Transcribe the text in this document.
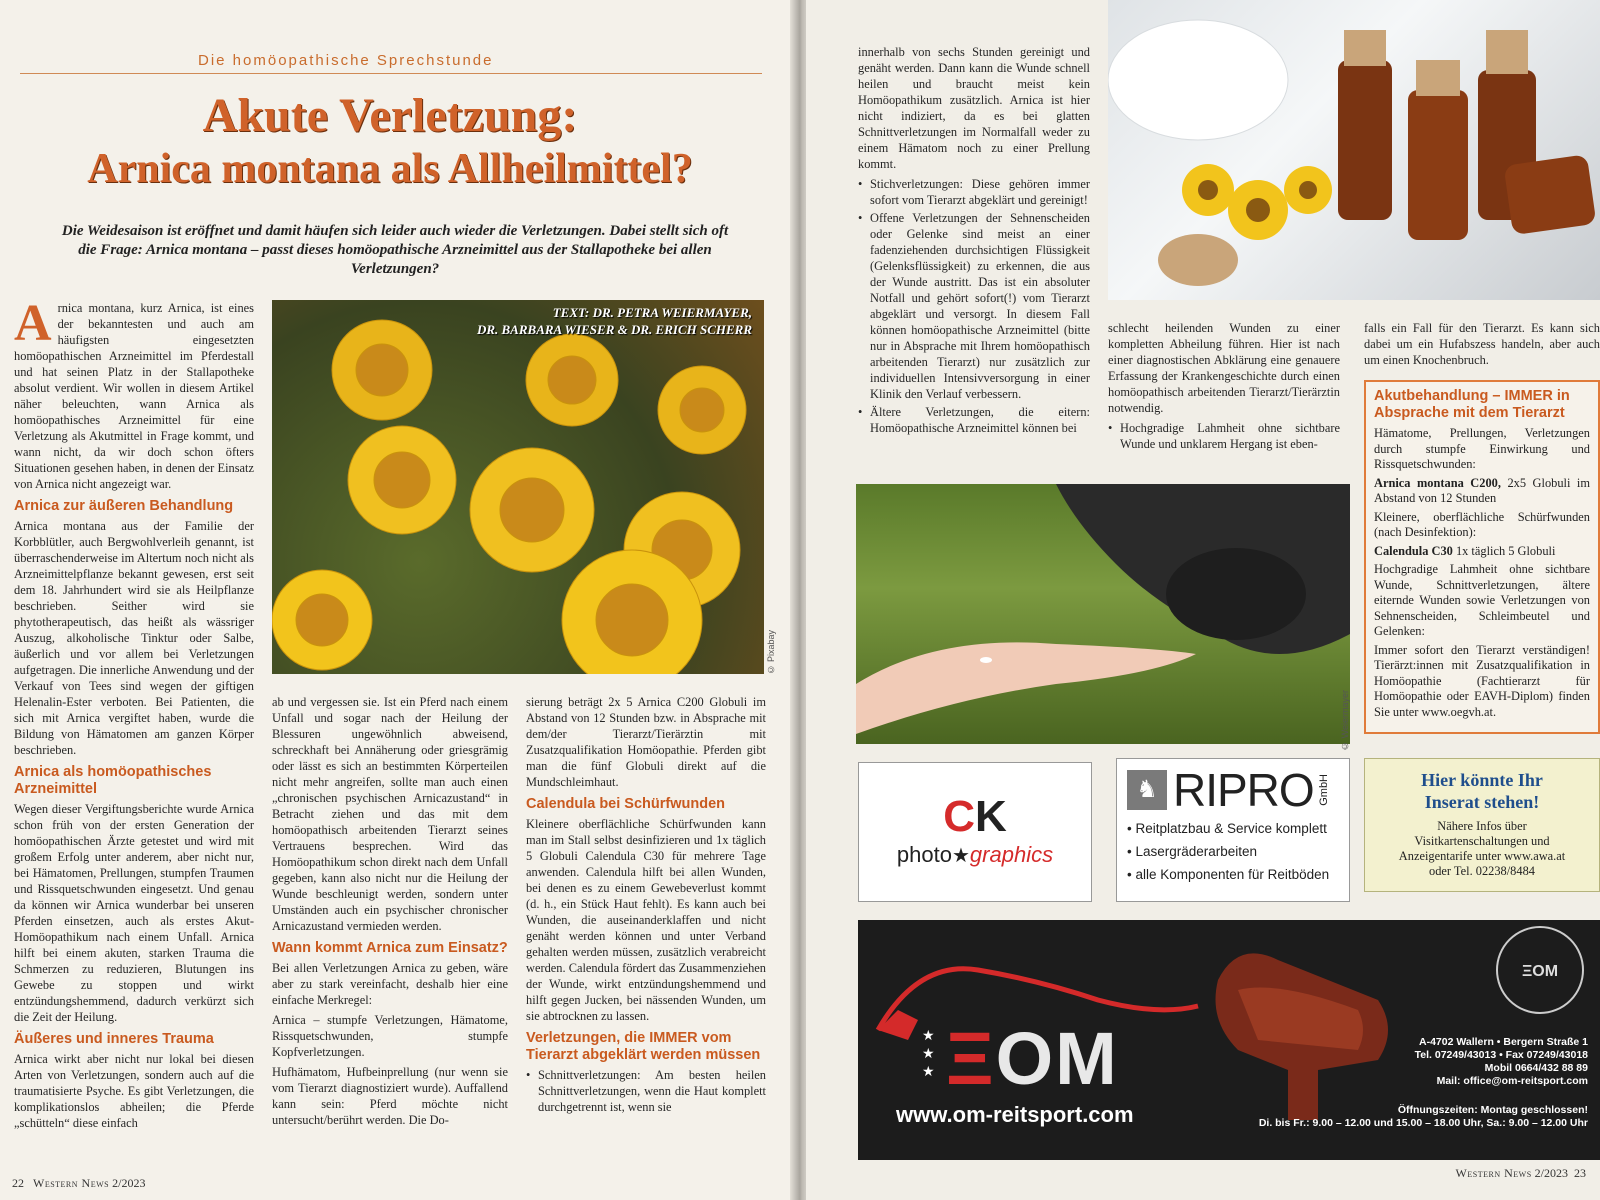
Die homöopathische Sprechstunde
Akute Verletzung:
Arnica montana als Allheilmittel?

Die Weidesaison ist eröffnet und damit häufen sich leider auch wieder die Verletzungen. Dabei stellt sich oft die Frage: Arnica montana – passt dieses homöopathische Arzneimittel aus der Stallapotheke bei allen Verletzungen?

Arnica montana, kurz Arnica, ist eines der bekanntesten und auch am häufigsten eingesetzten homöopathischen Arzneimittel im Pferdestall und hat seinen Platz in der Stallapotheke absolut verdient. Wir wollen in diesem Artikel näher beleuchten, wann Arnica als homöopathisches Arzneimittel für eine Verletzung als Akutmittel in Frage kommt, und wann nicht, da wir doch schon öfters Situationen gesehen haben, in denen der Einsatz von Arnica nicht angezeigt war.

Arnica zur äußeren Behandlung

Arnica montana aus der Familie der Korbblütler, auch Bergwohlverleih genannt, ist überraschenderweise im Altertum noch nicht als Arzneimittelpflanze bekannt gewesen, erst seit dem 18. Jahrhundert wird sie als Heilpflanze beschrieben. Seither wird sie phytotherapeutisch, das heißt als wässriger Auszug, alkoholische Tinktur oder Salbe, äußerlich und vor allem bei Verletzungen aufgetragen. Die innerliche Anwendung und der Verkauf von Tees sind wegen der giftigen Helenalin-Ester verboten. Bei Patienten, die sich mit Arnica vergiftet haben, wurde die Bildung von Hämatomen am ganzen Körper beschrieben.

Arnica als homöopathisches Arzneimittel

Wegen dieser Vergiftungsberichte wurde Arnica schon früh von der ersten Generation der homöopathischen Ärzte getestet und wird mit großem Erfolg unter anderem, aber nicht nur, bei Hämatomen, Prellungen, stumpfen Traumen und Rissquetschwunden eingesetzt. Und genau da können wir Arnica wunderbar bei unseren Pferden einsetzen, auch als erstes Akut-Homöopathikum nach einem Unfall. Arnica hilft bei einem akuten, starken Trauma die Schmerzen zu reduzieren, Blutungen ins Gewebe zu stoppen und wirkt entzündungshemmend, dadurch verkürzt sich die Zeit der Heilung.

Äußeres und inneres Trauma

Arnica wirkt aber nicht nur lokal bei diesen Arten von Verletzungen, sondern auch auf die traumatisierte Psyche. Es gibt Verletzungen, die komplikationslos abheilen; die Pferde „schütteln“ diese einfach

TEXT: DR. PETRA WEIERMAYER,
DR. BARBARA WIESER & DR. ERICH SCHERR
© Pixabay

ab und vergessen sie. Ist ein Pferd nach einem Unfall und sogar nach der Heilung der Blessuren ungewöhnlich abweisend, schreckhaft bei Annäherung oder griesgrämig oder lässt es sich an bestimmten Körperteilen nicht mehr angreifen, sollte man auch einen „chronischen psychischen Arnicazustand“ in Betracht ziehen und das mit dem homöopathisch arbeitenden Tierarzt seines Vertrauens besprechen. Wird das Homöopathikum schon direkt nach dem Unfall gegeben, kann also nicht nur die Heilung der Wunde beschleunigt werden, sondern unter Umständen auch ein psychischer chronischer Arnicazustand vermieden werden.

Wann kommt Arnica zum Einsatz?

Bei allen Verletzungen Arnica zu geben, wäre aber zu stark vereinfacht, deshalb hier eine einfache Merkregel:

Arnica – stumpfe Verletzungen, Hämatome, Rissquetschwunden, stumpfe Kopfverletzungen.

Hufhämatom, Hufbeinprellung (nur wenn sie vom Tierarzt diagnostiziert wurde). Auffallend kann sein: Pferd möchte nicht untersucht/berührt werden. Die Do-

sierung beträgt 2x 5 Arnica C200 Globuli im Abstand von 12 Stunden bzw. in Absprache mit dem/der Tierarzt/Tierärztin mit Zusatzqualifikation Homöopathie. Pferden gibt man die fünf Globuli direkt auf die Mundschleimhaut.

Calendula bei Schürfwunden

Kleinere oberflächliche Schürfwunden kann man im Stall selbst desinfizieren und 1x täglich 5 Globuli Calendula C30 für mehrere Tage anwenden. Calendula hilft bei allen Wunden, bei denen es zu einem Gewebeverlust kommt (d. h., ein Stück Haut fehlt). Es kann auch bei Wunden, die auseinanderklaffen und nicht genäht werden können und unter Verband gehalten werden müssen, zusätzlich verabreicht werden. Calendula fördert das Zusammenziehen der Wunde, wirkt entzündungshemmend und hilft gegen Jucken, bei nässenden Wunden, um sie abtrocknen zu lassen.

Verletzungen, die IMMER vom Tierarzt abgeklärt werden müssen
• Schnittverletzungen: Am besten heilen Schnittverletzungen, wenn die Haut komplett durchgetrennt ist, wenn sie
22 Western News 2/2023

innerhalb von sechs Stunden gereinigt und genäht werden. Dann kann die Wunde schnell heilen und braucht meist kein Homöopathikum zusätzlich. Arnica ist hier nicht indiziert, da es bei glatten Schnittverletzungen im Normalfall weder zu einem Hämatom noch zu einer Prellung kommt.

• Stichverletzungen: Diese gehören immer sofort vom Tierarzt abgeklärt und gereinigt!
• Offene Verletzungen der Sehnenscheiden oder Gelenke sind meist an einer fadenziehenden durchsichtigen Flüssigkeit (Gelenksflüssigkeit) zu erkennen, die aus der Wunde austritt. Das ist ein absoluter Notfall und gehört sofort(!) vom Tierarzt abgeklärt und versorgt. In diesem Fall können homöopathische Arzneimittel (bitte nur in Absprache mit Ihrem homöopathisch arbeitenden Tierarzt) nur zusätzlich zur individuellen Intensivversorgung in einer Klinik den Verlauf verbessern.
• Ältere Verletzungen, die eitern: Homöopathische Arzneimittel können bei

schlecht heilenden Wunden zu einer kompletten Abheilung führen. Hier ist nach einer diagnostischen Abklärung eine genauere Erfassung der Krankengeschichte durch einen homöopathisch arbeitenden Tierarzt/Tierärztin notwendig.

• Hochgradige Lahmheit ohne sichtbare Wunde und unklarem Hergang ist eben-

falls ein Fall für den Tierarzt. Es kann sich dabei um ein Hufabszess handeln, aber auch um einen Knochenbruch.

Akutbehandlung – IMMER in Absprache mit dem Tierarzt

Hämatome, Prellungen, Verletzungen durch stumpfe Einwirkung und Rissquetschwunden:

Arnica montana C200, 2x5 Globuli im Abstand von 12 Stunden

Kleinere, oberflächliche Schürfwunden (nach Desinfektion):

Calendula C30 1x täglich 5 Globuli

Hochgradige Lahmheit ohne sichtbare Wunde, Schnittverletzungen, ältere eiternde Wunden sowie Verletzungen von Sehnenscheiden, Schleimbeutel und Gelenken:

Immer sofort den Tierarzt verständigen! Tierärzt:innen mit Zusatzqualifikation in Homöopathie (Fachtierarzt für Homöopathie oder EAVH-Diplom) finden Sie unter www.oegvh.at.

© Weiermayer
CK
photo★graphics
♞ RIPRO GmbH
• Reitplatzbau & Service komplett
• Lasergräderarbeiten
• alle Komponenten für Reitböden
Hier könnte Ihr
Inserat stehen!
Nähere Infos über
Visitkartenschaltungen und
Anzeigentarife unter www.awa.at
oder Tel. 02238/8484
★
★
★ ΞOM
www.om-reitsport.com
ΞOM
A-4702 Wallern • Bergern Straße 1
Tel. 07249/43013 • Fax 07249/43018
Mobil 0664/432 88 89
Mail: office@om-reitsport.com
Öffnungszeiten: Montag geschlossen!
Di. bis Fr.: 9.00 – 12.00 und 15.00 – 18.00 Uhr, Sa.: 9.00 – 12.00 Uhr
Western News 2/2023 23
